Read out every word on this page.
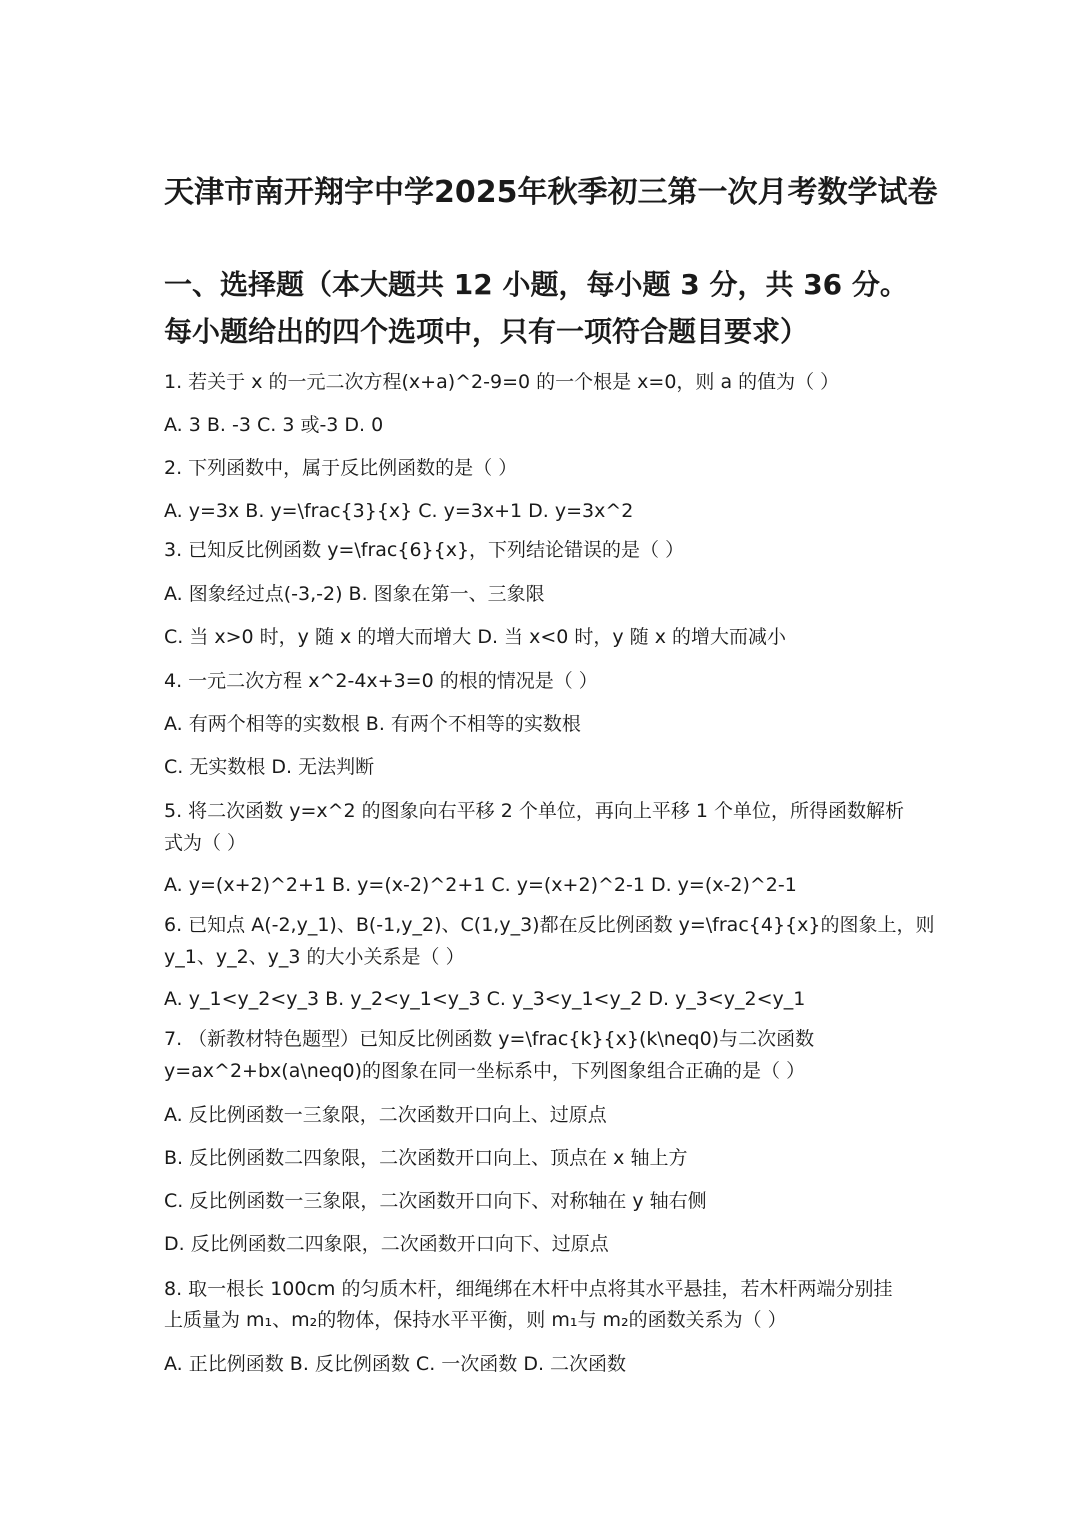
天津市南开翔宇中学2025年秋季初三第一次月考数学试卷
一、选择题（本大题共 12 小题，每小题 3 分，共 36 分。
每小题给出的四个选项中，只有一项符合题目要求）
1. 若关于 x 的一元二次方程(x+a)^2-9=0 的一个根是 x=0，则 a 的值为（ ）
A. 3 B. -3 C. 3 或-3 D. 0
2. 下列函数中，属于反比例函数的是（ ）
A. y=3x B. y=\frac{3}{x} C. y=3x+1 D. y=3x^2
3. 已知反比例函数 y=\frac{6}{x}，下列结论错误的是（ ）
A. 图象经过点(-3,-2) B. 图象在第一、三象限
C. 当 x>0 时，y 随 x 的增大而增大 D. 当 x<0 时，y 随 x 的增大而减小
4. 一元二次方程 x^2-4x+3=0 的根的情况是（ ）
A. 有两个相等的实数根 B. 有两个不相等的实数根
C. 无实数根 D. 无法判断
5. 将二次函数 y=x^2 的图象向右平移 2 个单位，再向上平移 1 个单位，所得函数解析
式为（ ）
A. y=(x+2)^2+1 B. y=(x-2)^2+1 C. y=(x+2)^2-1 D. y=(x-2)^2-1
6. 已知点 A(-2,y_1)、B(-1,y_2)、C(1,y_3)都在反比例函数 y=\frac{4}{x}的图象上，则
y_1、y_2、y_3 的大小关系是（ ）
A. y_1<y_2<y_3 B. y_2<y_1<y_3 C. y_3<y_1<y_2 D. y_3<y_2<y_1
7. （新教材特色题型）已知反比例函数 y=\frac{k}{x}(k\neq0)与二次函数
y=ax^2+bx(a\neq0)的图象在同一坐标系中，下列图象组合正确的是（ ）
A. 反比例函数一三象限，二次函数开口向上、过原点
B. 反比例函数二四象限，二次函数开口向上、顶点在 x 轴上方
C. 反比例函数一三象限，二次函数开口向下、对称轴在 y 轴右侧
D. 反比例函数二四象限，二次函数开口向下、过原点
8. 取一根长 100cm 的匀质木杆，细绳绑在木杆中点将其水平悬挂，若木杆两端分别挂
上质量为 m₁、m₂的物体，保持水平平衡，则 m₁与 m₂的函数关系为（ ）
A. 正比例函数 B. 反比例函数 C. 一次函数 D. 二次函数
